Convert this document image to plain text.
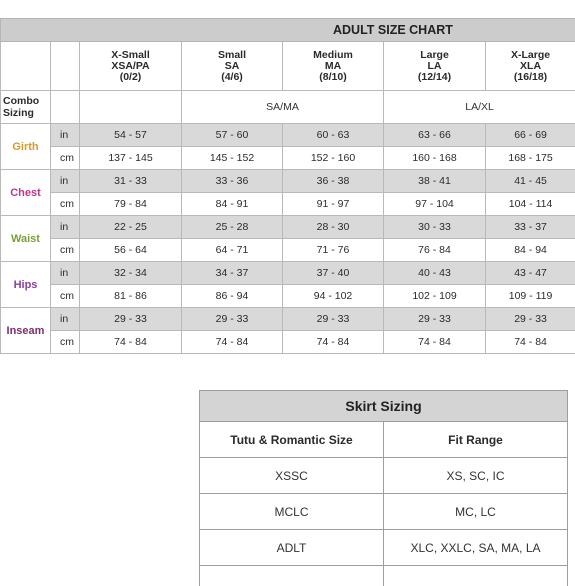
ADULT SIZE CHART						
		X-Small
XSA/PA
(0/2)	Small
SA
(4/6)	Medium
MA
(8/10)	Large
LA
(12/14)	X-Large
XLA
(16/18)
Combo
Sizing			SA/MA		LA/XL	
Girth	in	54 - 57	57 - 60	60 - 63	63 - 66	66 - 69
	cm	137 - 145	145 - 152	152 - 160	160 - 168	168 - 175
Chest	in	31 - 33	33 - 36	36 - 38	38 - 41	41 - 45
	cm	79 - 84	84 - 91	91 - 97	97 - 104	104 - 114
Waist	in	22 - 25	25 - 28	28 - 30	30 - 33	33 - 37
	cm	56 - 64	64 - 71	71 - 76	76 - 84	84 - 94
Hips	in	32 - 34	34 - 37	37 - 40	40 - 43	43 - 47
	cm	81 - 86	86 - 94	94 - 102	102 - 109	109 - 119
Inseam	in	29 - 33	29 - 33	29 - 33	29 - 33	29 - 33
	cm	74 - 84	74 - 84	74 - 84	74 - 84	74 - 84
Skirt Sizing	
Tutu & Romantic Size	Fit Range
XSSC	XS, SC, IC
MCLC	MC, LC
ADLT	XLC, XXLC, SA, MA, LA
